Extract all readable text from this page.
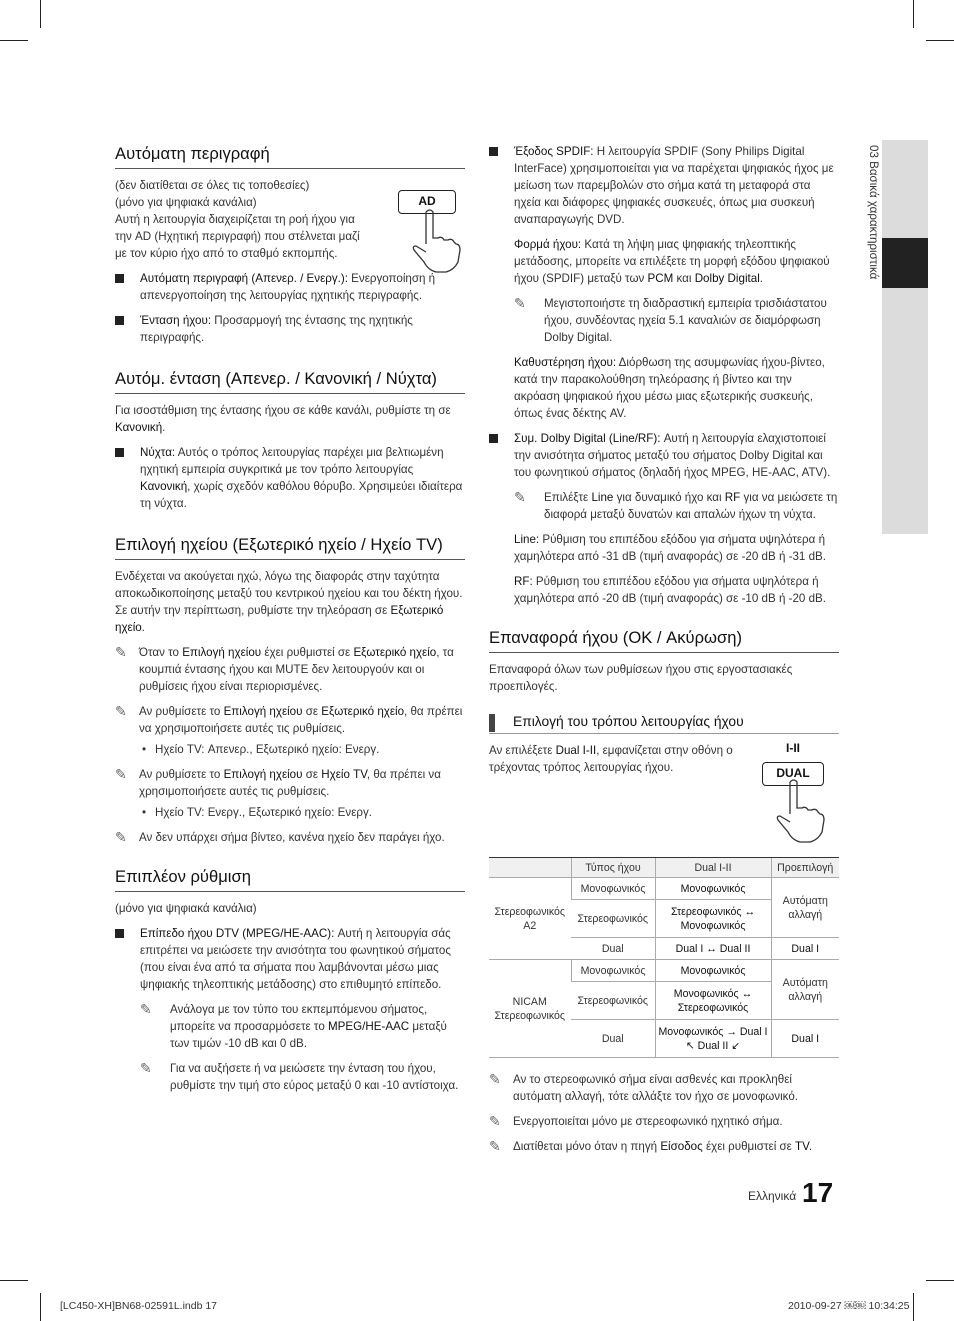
03 Βασικά χαρακτηριστικά
Αυτόματη περιγραφή
(δεν διατίθεται σε όλες τις τοποθεσίες)
(μόνο για ψηφιακά κανάλια)
Αυτή η λειτουργία διαχειρίζεται τη ροή ήχου για την AD (Ηχητική περιγραφή) που στέλνεται μαζί με τον κύριο ήχο από το σταθμό εκπομπής.
Αυτόματη περιγραφή (Απενερ. / Ενεργ.): Ενεργοποίηση ή απενεργοποίηση της λειτουργίας ηχητικής περιγραφής.
Ένταση ήχου: Προσαρμογή της έντασης της ηχητικής περιγραφής.
Αυτόμ. ένταση (Απενερ. / Κανονική / Νύχτα)
Για ισοστάθμιση της έντασης ήχου σε κάθε κανάλι, ρυθμίστε τη σε Κανονική.
Νύχτα: Αυτός ο τρόπος λειτουργίας παρέχει μια βελτιωμένη ηχητική εμπειρία συγκριτικά με τον τρόπο λειτουργίας Κανονική, χωρίς σχεδόν καθόλου θόρυβο. Χρησιμεύει ιδιαίτερα τη νύχτα.
Επιλογή ηχείου (Εξωτερικό ηχείο / Ηχείο TV)
Ενδέχεται να ακούγεται ηχώ, λόγω της διαφοράς στην ταχύτητα αποκωδικοποίησης μεταξύ του κεντρικού ηχείου και του δέκτη ήχου. Σε αυτήν την περίπτωση, ρυθμίστε την τηλεόραση σε Εξωτερικό ηχείο.
✎ Όταν το Επιλογή ηχείου έχει ρυθμιστεί σε Εξωτερικό ηχείο, τα κουμπιά έντασης ήχου και MUTE δεν λειτουργούν και οι ρυθμίσεις ήχου είναι περιορισμένες.
✎ Αν ρυθμίσετε το Επιλογή ηχείου σε Εξωτερικό ηχείο, θα πρέπει να χρησιμοποιήσετε αυτές τις ρυθμίσεις.
• Ηχείο TV: Απενερ., Εξωτερικό ηχείο: Ενεργ.
✎ Αν ρυθμίσετε το Επιλογή ηχείου σε Ηχείο TV, θα πρέπει να χρησιμοποιήσετε αυτές τις ρυθμίσεις.
• Ηχείο TV: Ενεργ., Εξωτερικό ηχείο: Ενεργ.
✎ Αν δεν υπάρχει σήμα βίντεο, κανένα ηχείο δεν παράγει ήχο.
Επιπλέον ρύθμιση
(μόνο για ψηφιακά κανάλια)
Επίπεδο ήχου DTV (MPEG/HE-AAC): Αυτή η λειτουργία σάς επιτρέπει να μειώσετε την ανισότητα του φωνητικού σήματος (που είναι ένα από τα σήματα που λαμβάνονται μέσω μιας ψηφιακής τηλεοπτικής μετάδοσης) στο επιθυμητό επίπεδο.
✎ Ανάλογα με τον τύπο του εκπεμπόμενου σήματος, μπορείτε να προσαρμόσετε το MPEG/HE-AAC μεταξύ των τιμών -10 dB και 0 dB.
✎ Για να αυξήσετε ή να μειώσετε την ένταση του ήχου, ρυθμίστε την τιμή στο εύρος μεταξύ 0 και -10 αντίστοιχα.
AD
Έξοδος SPDIF: Η λειτουργία SPDIF (Sony Philips Digital InterFace) χρησιμοποιείται για να παρέχεται ψηφιακός ήχος με μείωση των παρεμβολών στο σήμα κατά τη μεταφορά στα ηχεία και διάφορες ψηφιακές συσκευές, όπως μια συσκευή αναπαραγωγής DVD.
Φορμά ήχου: Κατά τη λήψη μιας ψηφιακής τηλεοπτικής μετάδοσης, μπορείτε να επιλέξετε τη μορφή εξόδου ψηφιακού ήχου (SPDIF) μεταξύ των PCM και Dolby Digital.
✎ Μεγιστοποιήστε τη διαδραστική εμπειρία τρισδιάστατου ήχου, συνδέοντας ηχεία 5.1 καναλιών σε διαμόρφωση Dolby Digital.
Καθυστέρηση ήχου: Διόρθωση της ασυμφωνίας ήχου-βίντεο, κατά την παρακολούθηση τηλεόρασης ή βίντεο και την ακρόαση ψηφιακού ήχου μέσω μιας εξωτερικής συσκευής, όπως ένας δέκτης AV.
Συμ. Dolby Digital (Line/RF): Αυτή η λειτουργία ελαχιστοποιεί την ανισότητα σήματος μεταξύ του σήματος Dolby Digital και του φωνητικού σήματος (δηλαδή ήχος MPEG, HE-AAC, ATV).
✎ Επιλέξτε Line για δυναμικό ήχο και RF για να μειώσετε τη διαφορά μεταξύ δυνατών και απαλών ήχων τη νύχτα.
Line: Ρύθμιση του επιπέδου εξόδου για σήματα υψηλότερα ή χαμηλότερα από -31 dB (τιμή αναφοράς) σε -20 dB ή -31 dB.
RF: Ρύθμιση του επιπέδου εξόδου για σήματα υψηλότερα ή χαμηλότερα από -20 dB (τιμή αναφοράς) σε -10 dB ή -20 dB.
Επαναφορά ήχου (OK / Ακύρωση)
Επαναφορά όλων των ρυθμίσεων ήχου στις εργοστασιακές προεπιλογές.
Επιλογή του τρόπου λειτουργίας ήχου
Αν επιλέξετε Dual I-II, εμφανίζεται στην οθόνη ο τρέχοντας τρόπος λειτουργίας ήχου.
I-II
DUAL
	Τύπος ήχου	Dual I-II	Προεπιλογή
Στερεοφωνικός A2	Μονοφωνικός	Μονοφωνικός	Αυτόματη αλλαγή
	Στερεοφωνικός	Στερεοφωνικός ↔ Μονοφωνικός	
	Dual	Dual I ↔ Dual II	Dual I
NICAM Στερεοφωνικός	Μονοφωνικός	Μονοφωνικός	Αυτόματη αλλαγή
	Στερεοφωνικός	Μονοφωνικός ↔ Στερεοφωνικός	
	Dual	Μονοφωνικός → Dual I ↖ Dual II ↙	Dual I
✎ Αν το στερεοφωνικό σήμα είναι ασθενές και προκληθεί αυτόματη αλλαγή, τότε αλλάξτε τον ήχο σε μονοφωνικό.
✎ Ενεργοποιείται μόνο με στερεοφωνικό ηχητικό σήμα.
✎ Διατίθεται μόνο όταν η πηγή Είσοδος έχει ρυθμιστεί σε TV.
Ελληνικά 17
[LC450-XH]BN68-02591L.indb 17	2010-09-27 ￼￼ 10:34:25
